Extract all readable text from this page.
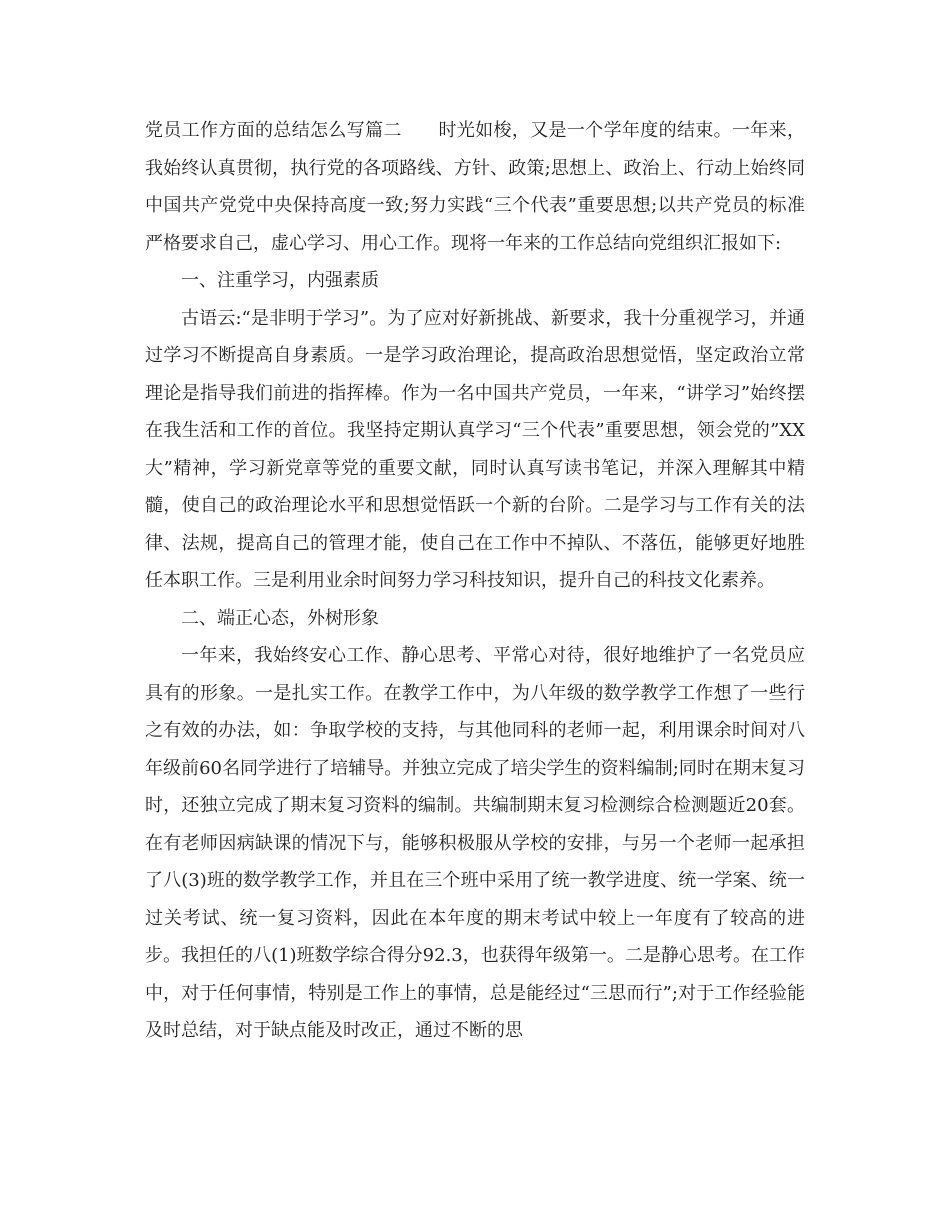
党员工作方面的总结怎么写篇二　　时光如梭，又是一个学年度的结束。一年来，我始终认真贯彻，执行党的各项路线、方针、政策;思想上、政治上、行动上始终同中国共产党党中央保持高度一致;努力实践“三个代表”重要思想;以共产党员的标准严格要求自己，虚心学习、用心工作。现将一年来的工作总结向党组织汇报如下:

一、注重学习，内强素质

古语云:“是非明于学习”。为了应对好新挑战、新要求，我十分重视学习，并通过学习不断提高自身素质。一是学习政治理论，提高政治思想觉悟，坚定政治立常理论是指导我们前进的指挥棒。作为一名中国共产党员，一年来，“讲学习”始终摆在我生活和工作的首位。我坚持定期认真学习“三个代表”重要思想，领会党的”XX大”精神，学习新党章等党的重要文献，同时认真写读书笔记，并深入理解其中精髓，使自己的政治理论水平和思想觉悟跃一个新的台阶。二是学习与工作有关的法律、法规，提高自己的管理才能，使自己在工作中不掉队、不落伍，能够更好地胜任本职工作。三是利用业余时间努力学习科技知识，提升自己的科技文化素养。

二、端正心态，外树形象

一年来，我始终安心工作、静心思考、平常心对待，很好地维护了一名党员应具有的形象。一是扎实工作。在教学工作中，为八年级的数学教学工作想了一些行之有效的办法，如：争取学校的支持，与其他同科的老师一起，利用课余时间对八年级前60名同学进行了培辅导。并独立完成了培尖学生的资料编制;同时在期末复习时，还独立完成了期末复习资料的编制。共编制期末复习检测综合检测题近20套。在有老师因病缺课的情况下与，能够积极服从学校的安排，与另一个老师一起承担了八(3)班的数学教学工作，并且在三个班中采用了统一教学进度、统一学案、统一过关考试、统一复习资料，因此在本年度的期末考试中较上一年度有了较高的进步。我担任的八(1)班数学综合得分92.3，也获得年级第一。二是静心思考。在工作中，对于任何事情，特别是工作上的事情，总是能经过“三思而行”;对于工作经验能及时总结，对于缺点能及时改正，通过不断的思
